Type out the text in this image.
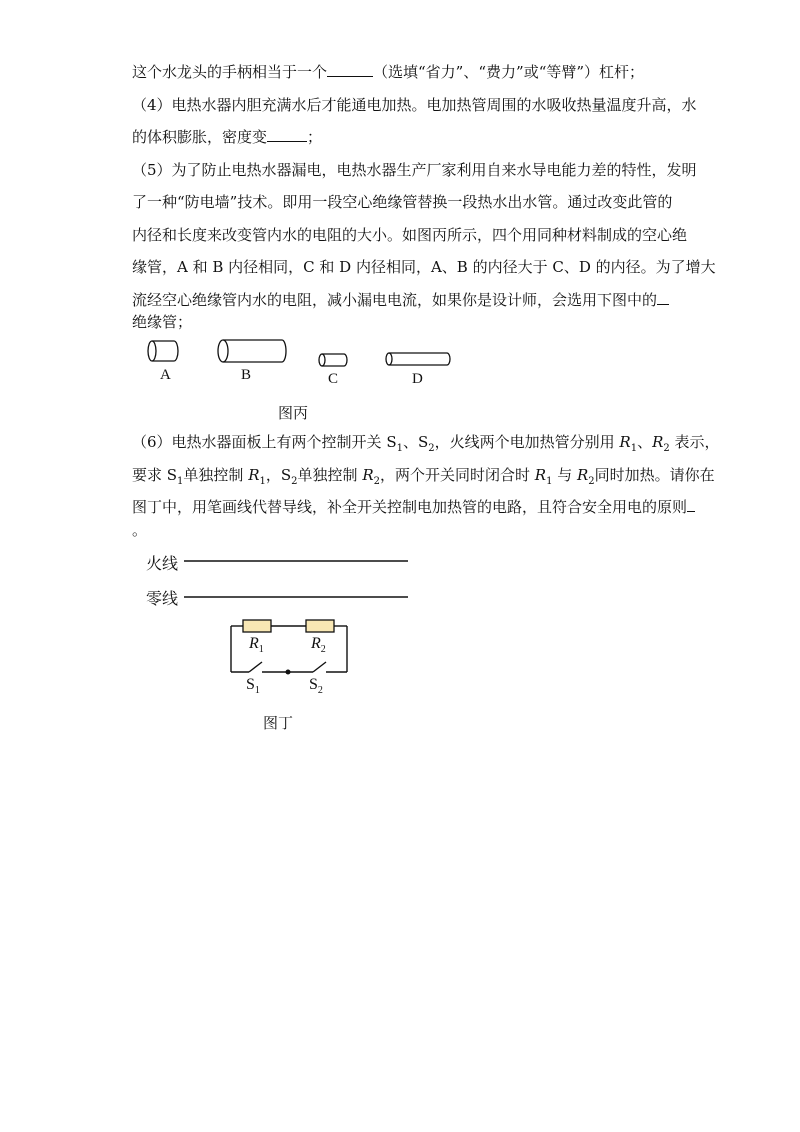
这个水龙头的手柄相当于一个	（选填“省力”、“费力”或“等臂”）杠杆；
（4）电热水器内胆充满水后才能通电加热。电加热管周围的水吸收热量温度升高，水
的体积膨胀，密度变	；
（5）为了防止电热水器漏电，电热水器生产厂家利用自来水导电能力差的特性，发明
了一种“防电墙”技术。即用一段空心绝缘管替换一段热水出水管。通过改变此管的
内径和长度来改变管内水的电阻的大小。如图丙所示，四个用同种材料制成的空心绝
缘管，A 和 B 内径相同，C 和 D 内径相同，A、B 的内径大于 C、D 的内径。为了增大
流经空心绝缘管内水的电阻，减小漏电电流，如果你是设计师，会选用下图中的
绝缘管；
A	B	C	D
图丙
（6）电热水器面板上有两个控制开关 $S_1$、$S_2$，火线两个电加热管分别用 $R_1$、$R_2$ 表示，
要求 $S_1$单独控制 $R_1$，$S_2$单独控制 $R_2$，两个开关同时闭合时 $R_1$ 与 $R_2$同时加热。请你在
图丁中，用笔画线代替导线，补全开关控制电加热管的电路，且符合安全用电的原则
。
火线
零线
$R_1$	$R_2$
$S_1$	$S_2$
图丁
